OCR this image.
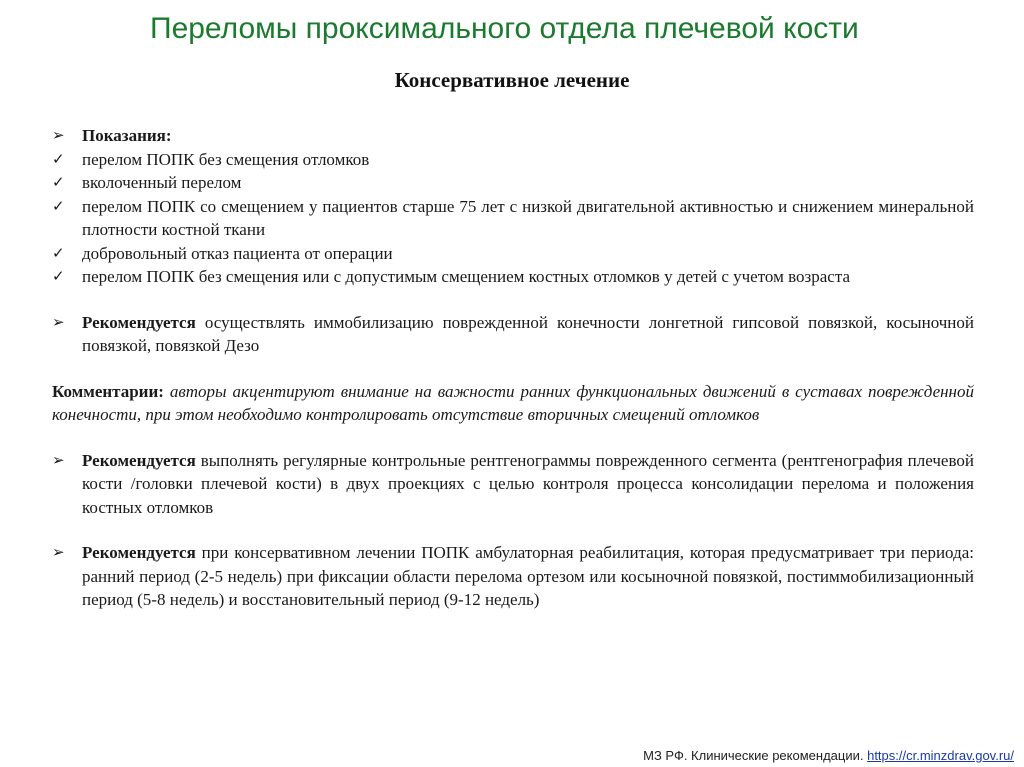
Переломы проксимального отдела плечевой кости
Консервативное лечение
➢	Показания:
✓	перелом ПОПК без смещения отломков
✓	вколоченный перелом
✓	перелом ПОПК со смещением у пациентов старше 75 лет с низкой двигательной активностью и снижением минеральной плотности костной ткани
✓	добровольный отказ пациента от операции
✓	перелом ПОПК без смещения или с допустимым смещением костных отломков у детей с учетом возраста
➢	Рекомендуется осуществлять иммобилизацию поврежденной конечности лонгетной гипсовой повязкой, косыночной повязкой, повязкой Дезо
Комментарии: авторы акцентируют внимание на важности ранних функциональных движений в суставах поврежденной конечности, при этом необходимо контролировать отсутствие вторичных смещений отломков
➢	Рекомендуется выполнять регулярные контрольные рентгенограммы поврежденного сегмента (рентгенография плечевой кости /головки плечевой кости) в двух проекциях с целью контроля процесса консолидации перелома и положения костных отломков
➢	Рекомендуется при консервативном лечении ПОПК амбулаторная реабилитация, которая предусматривает три периода: ранний период (2-5 недель) при фиксации области перелома ортезом или косыночной повязкой, постиммобилизационный период (5-8 недель) и восстановительный период (9-12 недель)
МЗ РФ. Клинические рекомендации. https://cr.minzdrav.gov.ru/
